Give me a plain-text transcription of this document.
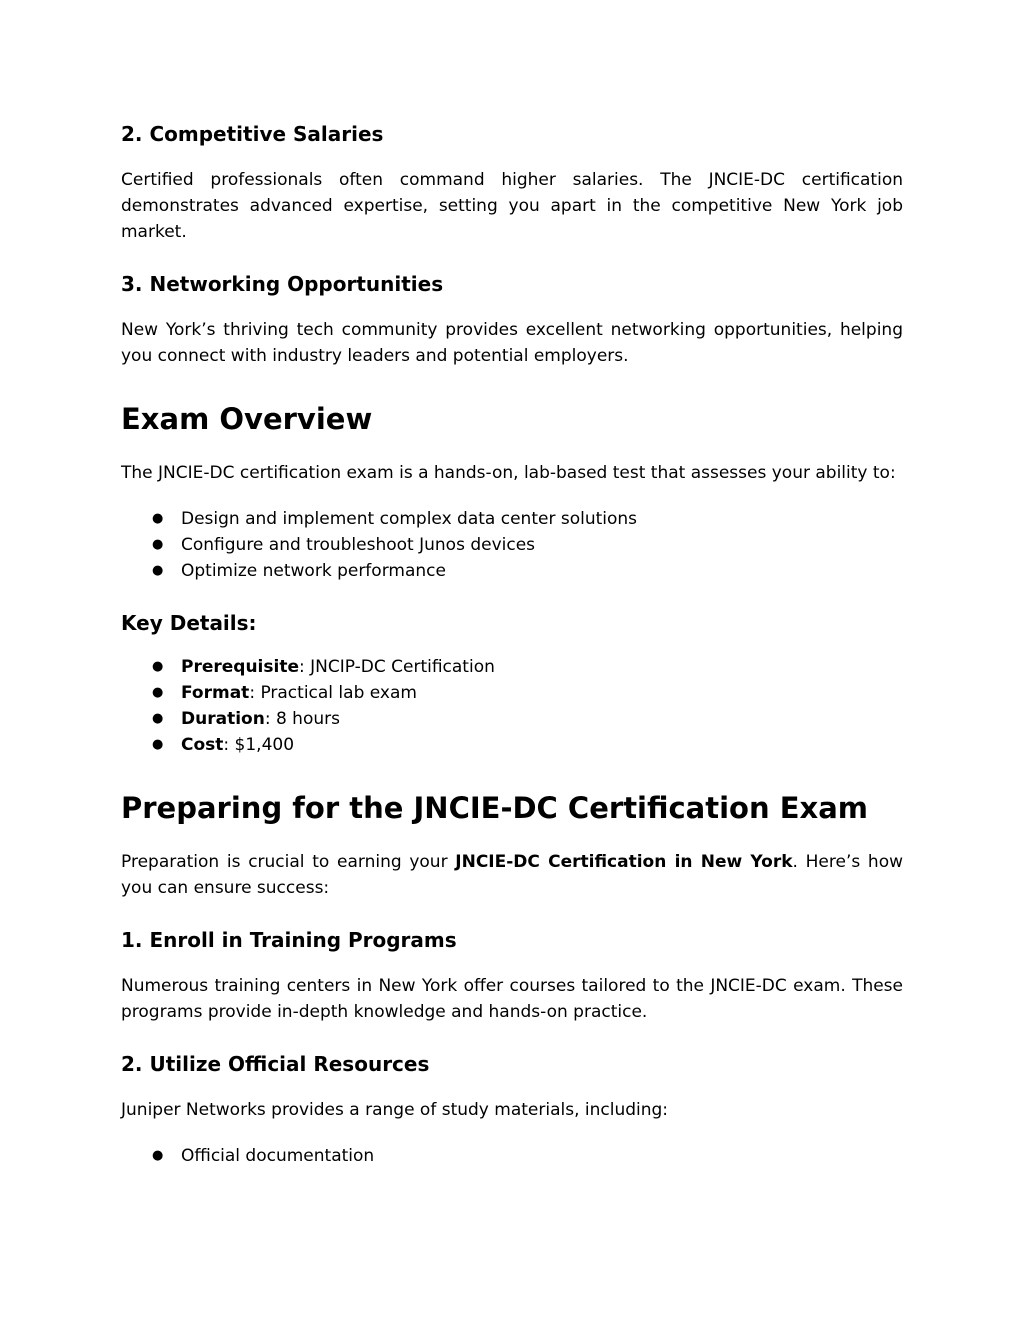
2. Competitive Salaries

Certified professionals often command higher salaries. The JNCIE-DC certification demonstrates advanced expertise, setting you apart in the competitive New York job market.

3. Networking Opportunities

New York’s thriving tech community provides excellent networking opportunities, helping you connect with industry leaders and potential employers.

Exam Overview

The JNCIE-DC certification exam is a hands-on, lab-based test that assesses your ability to:

● Design and implement complex data center solutions
● Configure and troubleshoot Junos devices
● Optimize network performance
Key Details:
● Prerequisite: JNCIP-DC Certification
● Format: Practical lab exam
● Duration: 8 hours
● Cost: $1,400
Preparing for the JNCIE-DC Certification Exam

Preparation is crucial to earning your JNCIE-DC Certification in New York. Here’s how you can ensure success:

1. Enroll in Training Programs

Numerous training centers in New York offer courses tailored to the JNCIE-DC exam. These programs provide in-depth knowledge and hands-on practice.

2. Utilize Official Resources

Juniper Networks provides a range of study materials, including:

● Official documentation
